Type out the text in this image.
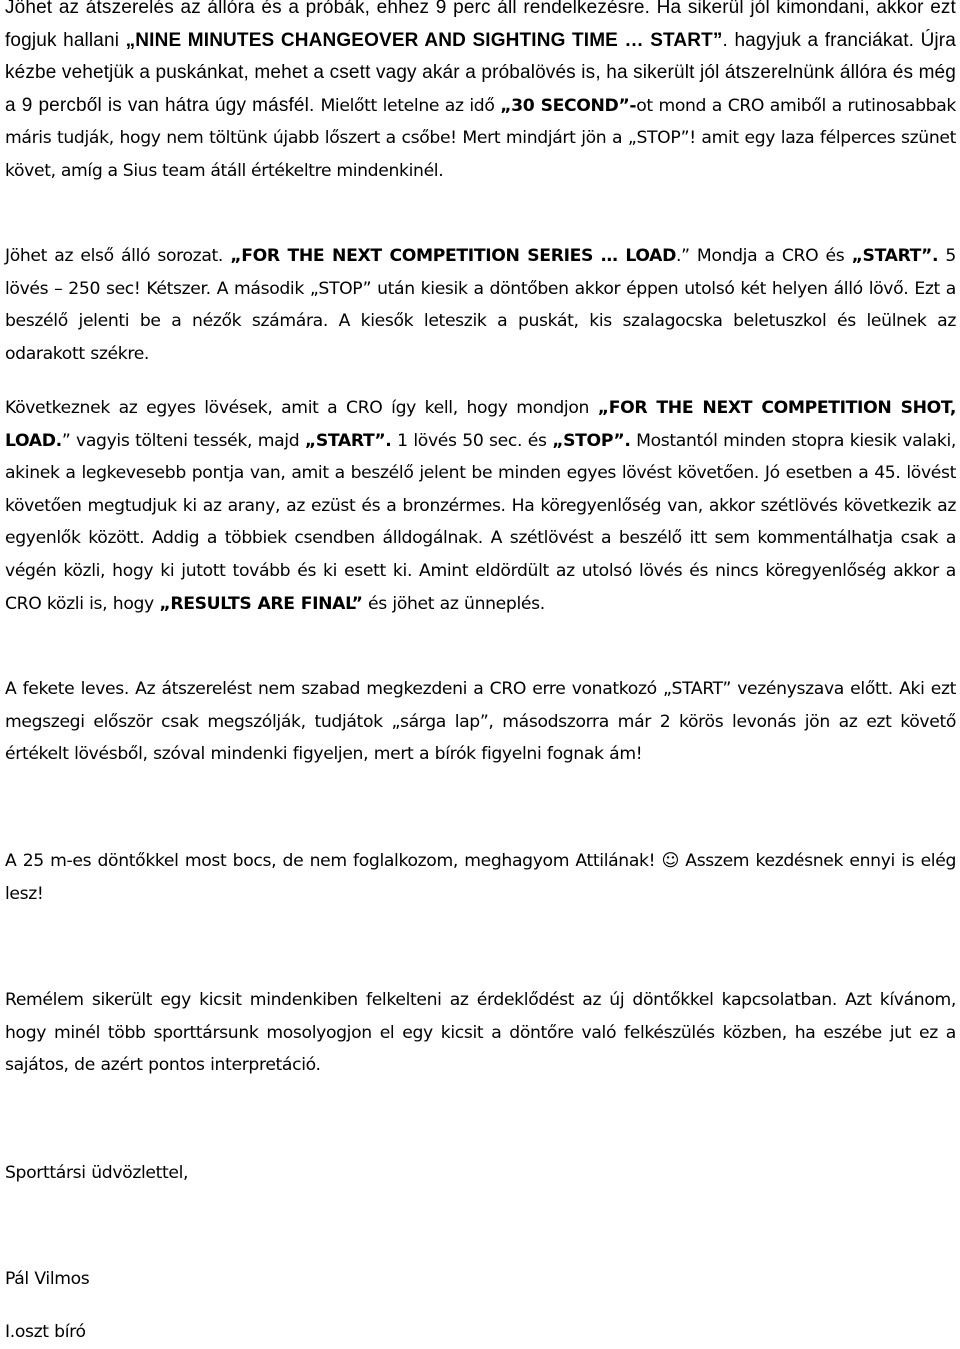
Jöhet az átszerelés az állóra és a próbák, ehhez 9 perc áll rendelkezésre. Ha sikerül jól kimondani, akkor ezt fogjuk hallani „NINE MINUTES CHANGEOVER AND SIGHTING TIME … START”. hagyjuk a franciákat. Újra kézbe vehetjük a puskánkat, mehet a csett vagy akár a próbalövés is, ha sikerült jól átszerelnünk állóra és még a 9 percből is van hátra úgy másfél. Mielőtt letelne az idő „30 SECOND”-ot mond a CRO amiből a rutinosabbak máris tudják, hogy nem töltünk újabb lőszert a csőbe! Mert mindjárt jön a „STOP”! amit egy laza félperces szünet követ, amíg a Sius team átáll értékeltre mindenkinél.

Jöhet az első álló sorozat. „FOR THE NEXT COMPETITION SERIES … LOAD.” Mondja a CRO és „START”. 5 lövés – 250 sec! Kétszer. A második „STOP” után kiesik a döntőben akkor éppen utolsó két helyen álló lövő. Ezt a beszélő jelenti be a nézők számára. A kiesők leteszik a puskát, kis szalagocska beletuszkol és leülnek az odarakott székre.

Következnek az egyes lövések, amit a CRO így kell, hogy mondjon „FOR THE NEXT COMPETITION SHOT, LOAD.” vagyis tölteni tessék, majd „START”. 1 lövés 50 sec. és „STOP”. Mostantól minden stopra kiesik valaki, akinek a legkevesebb pontja van, amit a beszélő jelent be minden egyes lövést követően. Jó esetben a 45. lövést követően megtudjuk ki az arany, az ezüst és a bronzérmes. Ha köregyenlőség van, akkor szétlövés következik az egyenlők között. Addig a többiek csendben álldogálnak. A szétlövést a beszélő itt sem kommentálhatja csak a végén közli, hogy ki jutott tovább és ki esett ki. Amint eldördült az utolsó lövés és nincs köregyenlőség akkor a CRO közli is, hogy „RESULTS ARE FINAL” és jöhet az ünneplés.

A fekete leves. Az átszerelést nem szabad megkezdeni a CRO erre vonatkozó „START” vezényszava előtt. Aki ezt megszegi először csak megszólják, tudjátok „sárga lap”, másodszorra már 2 körös levonás jön az ezt követő értékelt lövésből, szóval mindenki figyeljen, mert a bírók figyelni fognak ám!

A 25 m-es döntőkkel most bocs, de nem foglalkozom, meghagyom Attilának! ☺ Asszem kezdésnek ennyi is elég lesz!

Remélem sikerült egy kicsit mindenkiben felkelteni az érdeklődést az új döntőkkel kapcsolatban. Azt kívánom, hogy minél több sporttársunk mosolyogjon el egy kicsit a döntőre való felkészülés közben, ha eszébe jut ez a sajátos, de azért pontos interpretáció.

Sporttársi üdvözlettel,

Pál Vilmos

I.oszt bíró
